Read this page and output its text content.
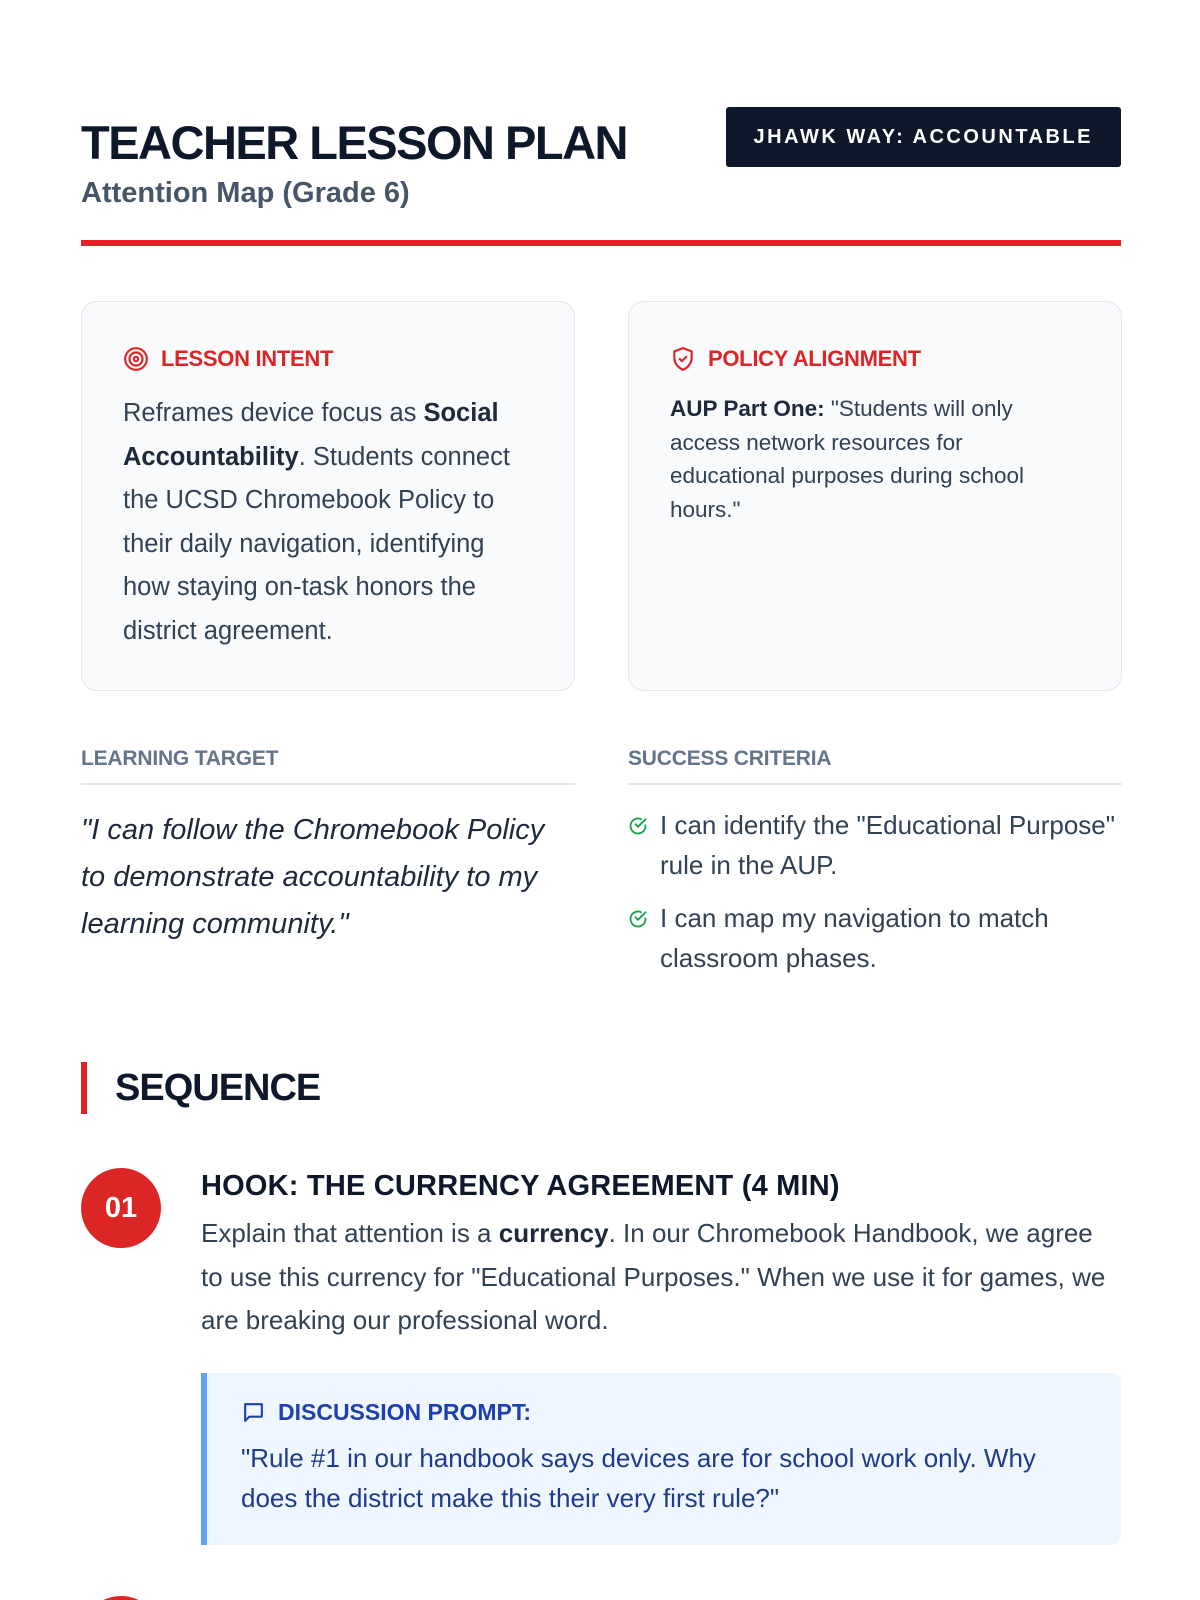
TEACHER LESSON PLAN	JHAWK WAY: ACCOUNTABLE
Attention Map (Grade 6)
LESSON INTENT

Reframes device focus as Social Accountability. Students connect the UCSD Chromebook Policy to their daily navigation, identifying how staying on-task honors the district agreement.

POLICY ALIGNMENT

AUP Part One: "Students will only access network resources for educational purposes during school hours."

LEARNING TARGET

"I can follow the Chromebook Policy to demonstrate accountability to my learning community."

SUCCESS CRITERIA
I can identify the "Educational Purpose" rule in the AUP.
I can map my navigation to match classroom phases.
SEQUENCE
01
HOOK: THE CURRENCY AGREEMENT (4 MIN)

Explain that attention is a currency. In our Chromebook Handbook, we agree to use this currency for "Educational Purposes." When we use it for games, we are breaking our professional word.

DISCUSSION PROMPT:

"Rule #1 in our handbook says devices are for school work only. Why does the district make this their very first rule?"
